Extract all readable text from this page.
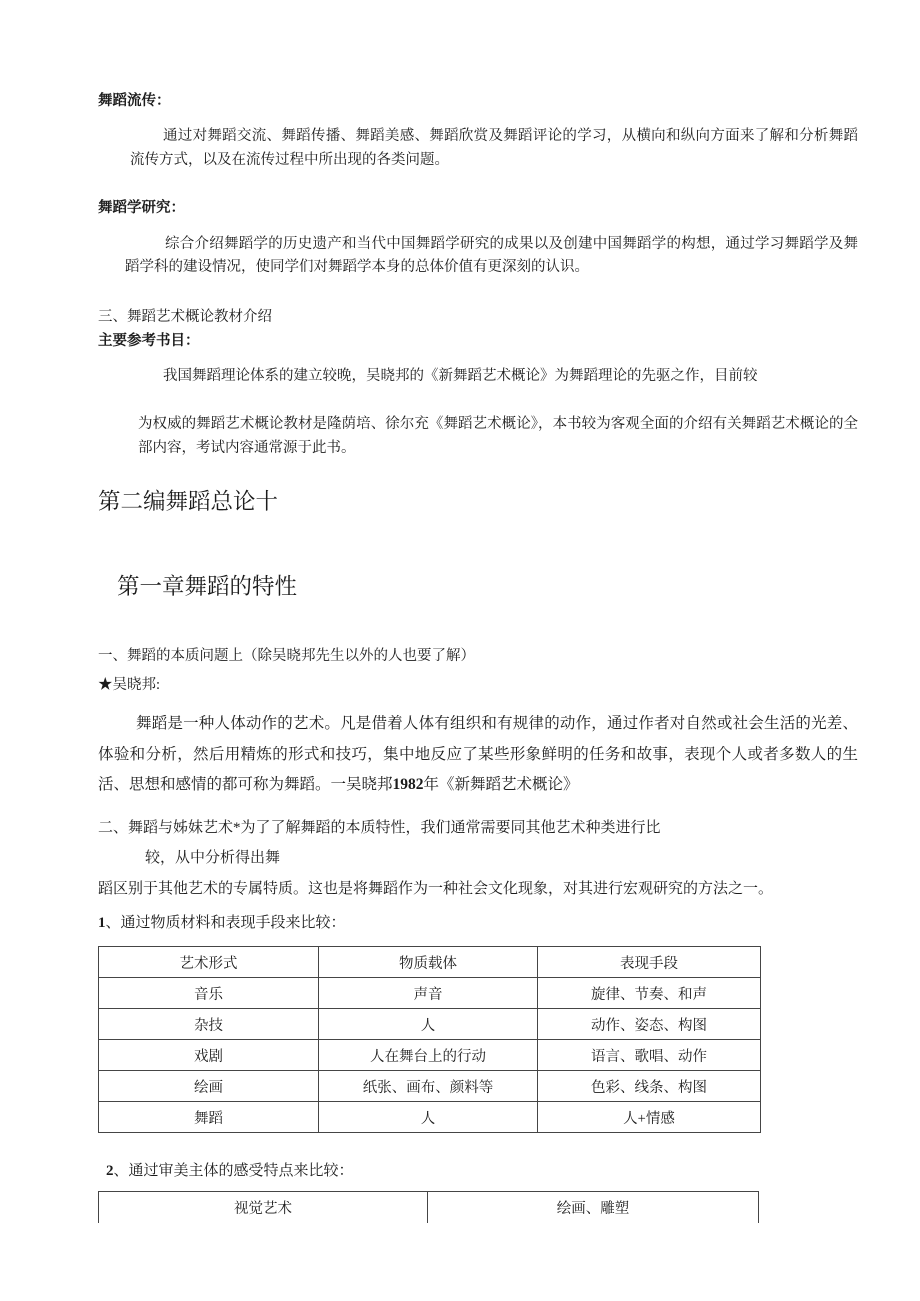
舞蹈流传：

通过对舞蹈交流、舞蹈传播、舞蹈美感、舞蹈欣赏及舞蹈评论的学习，从横向和纵向方面来了解和分析舞蹈流传方式，以及在流传过程中所出现的各类问题。

舞蹈学研究：

综合介绍舞蹈学的历史遗产和当代中国舞蹈学研究的成果以及创建中国舞蹈学的构想，通过学习舞蹈学及舞蹈学科的建设情况，使同学们对舞蹈学本身的总体价值有更深刻的认识。

三、舞蹈艺术概论教材介绍

主要参考书目：

我国舞蹈理论体系的建立较晚，吴晓邦的《新舞蹈艺术概论》为舞蹈理论的先驱之作，目前较

为权威的舞蹈艺术概论教材是隆荫培、徐尔充《舞蹈艺术概论》，本书较为客观全面的介绍有关舞蹈艺术概论的全部内容，考试内容通常源于此书。

第二编舞蹈总论十
第一章舞蹈的特性

一、舞蹈的本质问题上（除吴晓邦先生以外的人也要了解）

★吴晓邦:

舞蹈是一种人体动作的艺术。凡是借着人体有组织和有规律的动作，通过作者对自然或社会生活的光差、体验和分析，然后用精炼的形式和技巧，集中地反应了某些形象鲜明的任务和故事，表现个人或者多数人的生活、思想和感情的都可称为舞蹈。一吴晓邦1982年《新舞蹈艺术概论》

二、舞蹈与姊妹艺术*为了了解舞蹈的本质特性，我们通常需要同其他艺术种类进行比

较，从中分析得出舞

蹈区别于其他艺术的专属特质。这也是将舞蹈作为一种社会文化现象，对其进行宏观研究的方法之一。

1、通过物质材料和表现手段来比较：

艺术形式	物质载体	表现手段
音乐	声音	旋律、节奏、和声
杂技	人	动作、姿态、构图
戏剧	人在舞台上的行动	语言、歌唱、动作
绘画	纸张、画布、颜料等	色彩、线条、构图
舞蹈	人	人+情感

2、通过审美主体的感受特点来比较：

视觉艺术	绘画、雕塑
